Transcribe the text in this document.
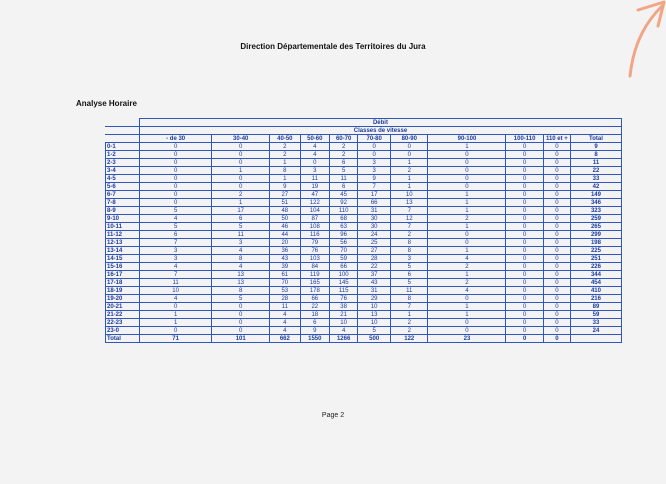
Direction Départementale des Territoires du Jura
Analyse Horaire
	Débit										
	Classes de vitesse										
	- de 30	30-40	40-50	50-60	60-70	70-80	80-90	90-100	100-110	110 et +	Total
0-1	0	0	2	4	2	0	0	1	0	0	9
1-2	0	0	2	4	2	0	0	0	0	0	8
2-3	0	0	1	0	6	3	1	0	0	0	11
3-4	0	1	8	3	5	3	2	0	0	0	22
4-5	0	0	1	11	11	9	1	0	0	0	33
5-6	0	0	9	19	6	7	1	0	0	0	42
6-7	0	2	27	47	45	17	10	1	0	0	149
7-8	0	1	51	122	92	66	13	1	0	0	346
8-9	5	17	48	104	110	31	7	1	0	0	323
9-10	4	6	50	87	68	30	12	2	0	0	259
10-11	5	5	46	108	63	30	7	1	0	0	265
11-12	6	11	44	116	96	24	2	0	0	0	299
12-13	7	3	20	79	56	25	8	0	0	0	198
13-14	3	4	36	76	70	27	8	1	0	0	225
14-15	3	8	43	103	59	28	3	4	0	0	251
15-16	4	4	39	84	66	22	5	2	0	0	226
16-17	7	13	61	119	100	37	6	1	0	0	344
17-18	11	13	70	165	145	43	5	2	0	0	454
18-19	10	8	53	178	115	31	11	4	0	0	410
19-20	4	5	28	66	76	29	8	0	0	0	216
20-21	0	0	11	22	38	10	7	1	0	0	89
21-22	1	0	4	18	21	13	1	1	0	0	59
22-23	1	0	4	6	10	10	2	0	0	0	33
23-0	0	0	4	9	4	5	2	0	0	0	24
Total	71	101	662	1550	1266	500	122	23	0	0	
Page 2
